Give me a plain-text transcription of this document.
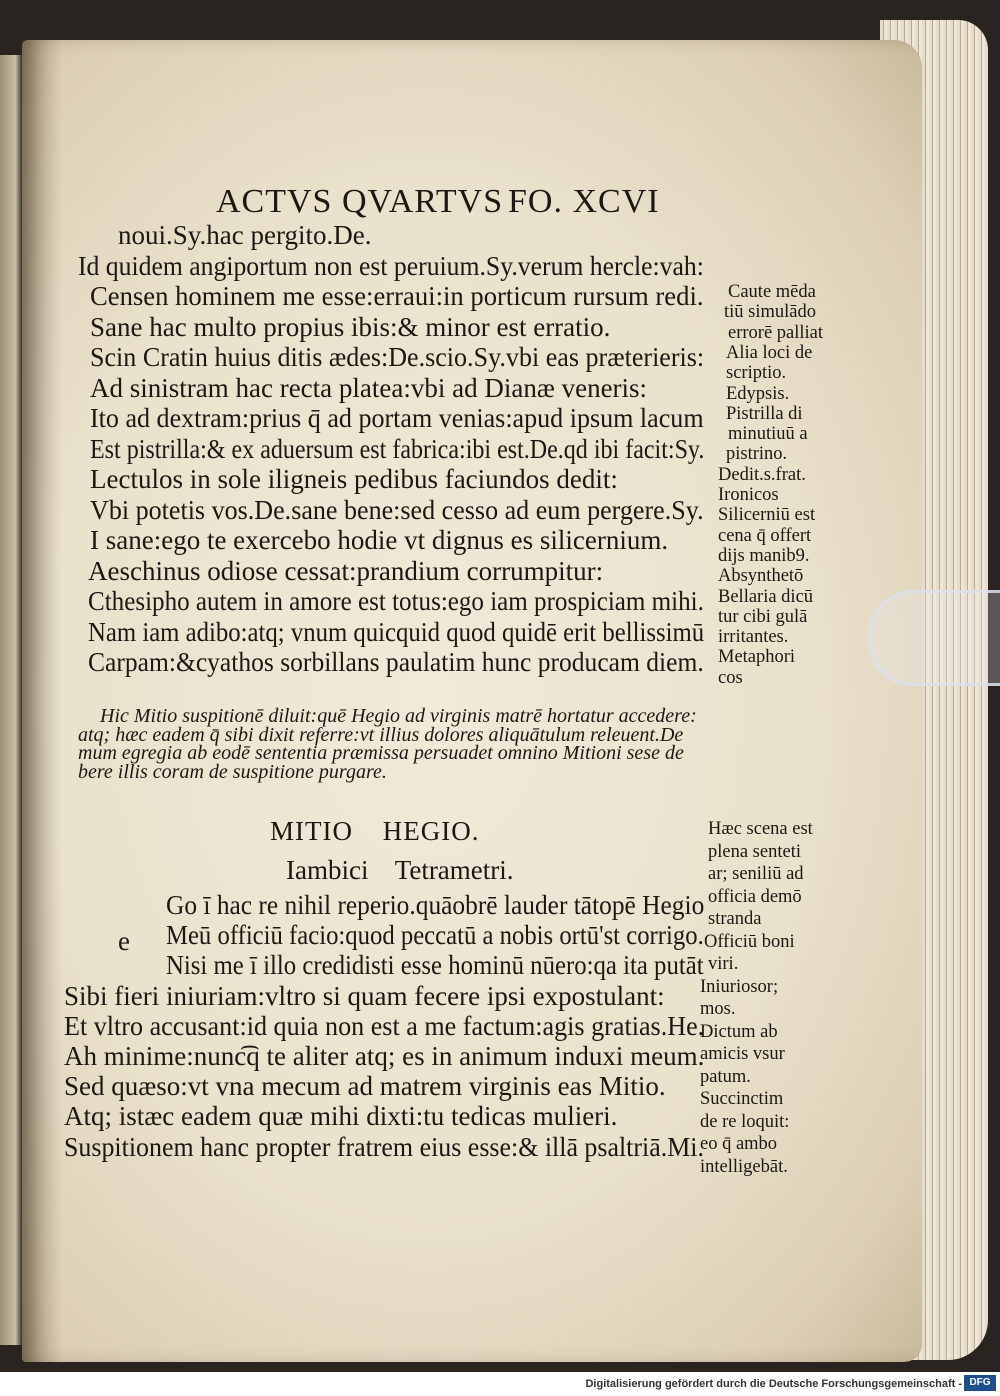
ACTVS QVARTVS FO. XCVI
noui.Sy.hac pergito.De.
Id quidem angiportum non est peruium.Sy.verum hercle:vah:
Censen hominem me esse:erraui:in porticum rursum redi.
Sane hac multo propius ibis:& minor est erratio.
Scin Cratin huius ditis ædes:De.scio.Sy.vbi eas præterieris:
Ad sinistram hac recta platea:vbi ad Dianæ veneris:
Ito ad dextram:prius q̄ ad portam venias:apud ipsum lacum
Est pistrilla:& ex aduersum est fabrica:ibi est.De.qd ibi facit:Sy.
Lectulos in sole iligneis pedibus faciundos dedit:
Vbi potetis vos.De.sane bene:sed cesso ad eum pergere.Sy.
I sane:ego te exercebo hodie vt dignus es silicernium.
Aeschinus odiose cessat:prandium corrumpitur:
Cthesipho autem in amore est totus:ego iam prospiciam mihi.
Nam iam adibo:atq; vnum quicquid quod quidē erit bellissimū
Carpam:&cyathos sorbillans paulatim hunc producam diem.
Hic Mitio suspitionē diluit:quē Hegio ad virginis matrē hortatur accedere:
atq; hæc eadem q̄ sibi dixit referre:vt illius dolores aliquātulum releuent.De
mum egregia ab eodē sententia præmissa persuadet omnino Mitioni sese de
bere illis coram de suspitione purgare.
MITIO HEGIO.
Iambici Tetrametri.
e
Go ī hac re nihil reperio.quāobrē lauder tātopē Hegio
Meū officiū facio:quod peccatū a nobis ortū'st corrigo.
Nisi me ī illo credidisti esse hominū nūero:qa ita putāt
Sibi fieri iniuriam:vltro si quam fecere ipsi expostulant:
Et vltro accusant:id quia non est a me factum:agis gratias.He.
Ah minime:nunc͡q te aliter atq; es in animum induxi meum.
Sed quæso:vt vna mecum ad matrem virginis eas Mitio.
Atq; istæc eadem quæ mihi dixti:tu tedicas mulieri.
Suspitionem hanc propter fratrem eius esse:& illā psaltriā.Mi.
Caute mēda
tiū simulādo
errorē palliat
Alia loci de
scriptio.
Edypsis.
Pistrilla di
minutiuū a
pistrino.
Dedit.s.frat.
Ironicos
Silicerniū est
cena q̄ offert
dijs manib9.
Absynthetō
Bellaria dicū
tur cibi gulā
irritantes.
Metaphori
cos
Hæc scena est
plena senteti
ar; seniliū ad
officia demō
stranda
Officiū boni
viri.
Iniuriosor;
mos.
Dictum ab
amicis vsur
patum.
Succinctim
de re loquit:
eo q̄ ambo
intelligebāt.
Digitalisierung gefördert durch die Deutsche Forschungsgemeinschaft - DFG
